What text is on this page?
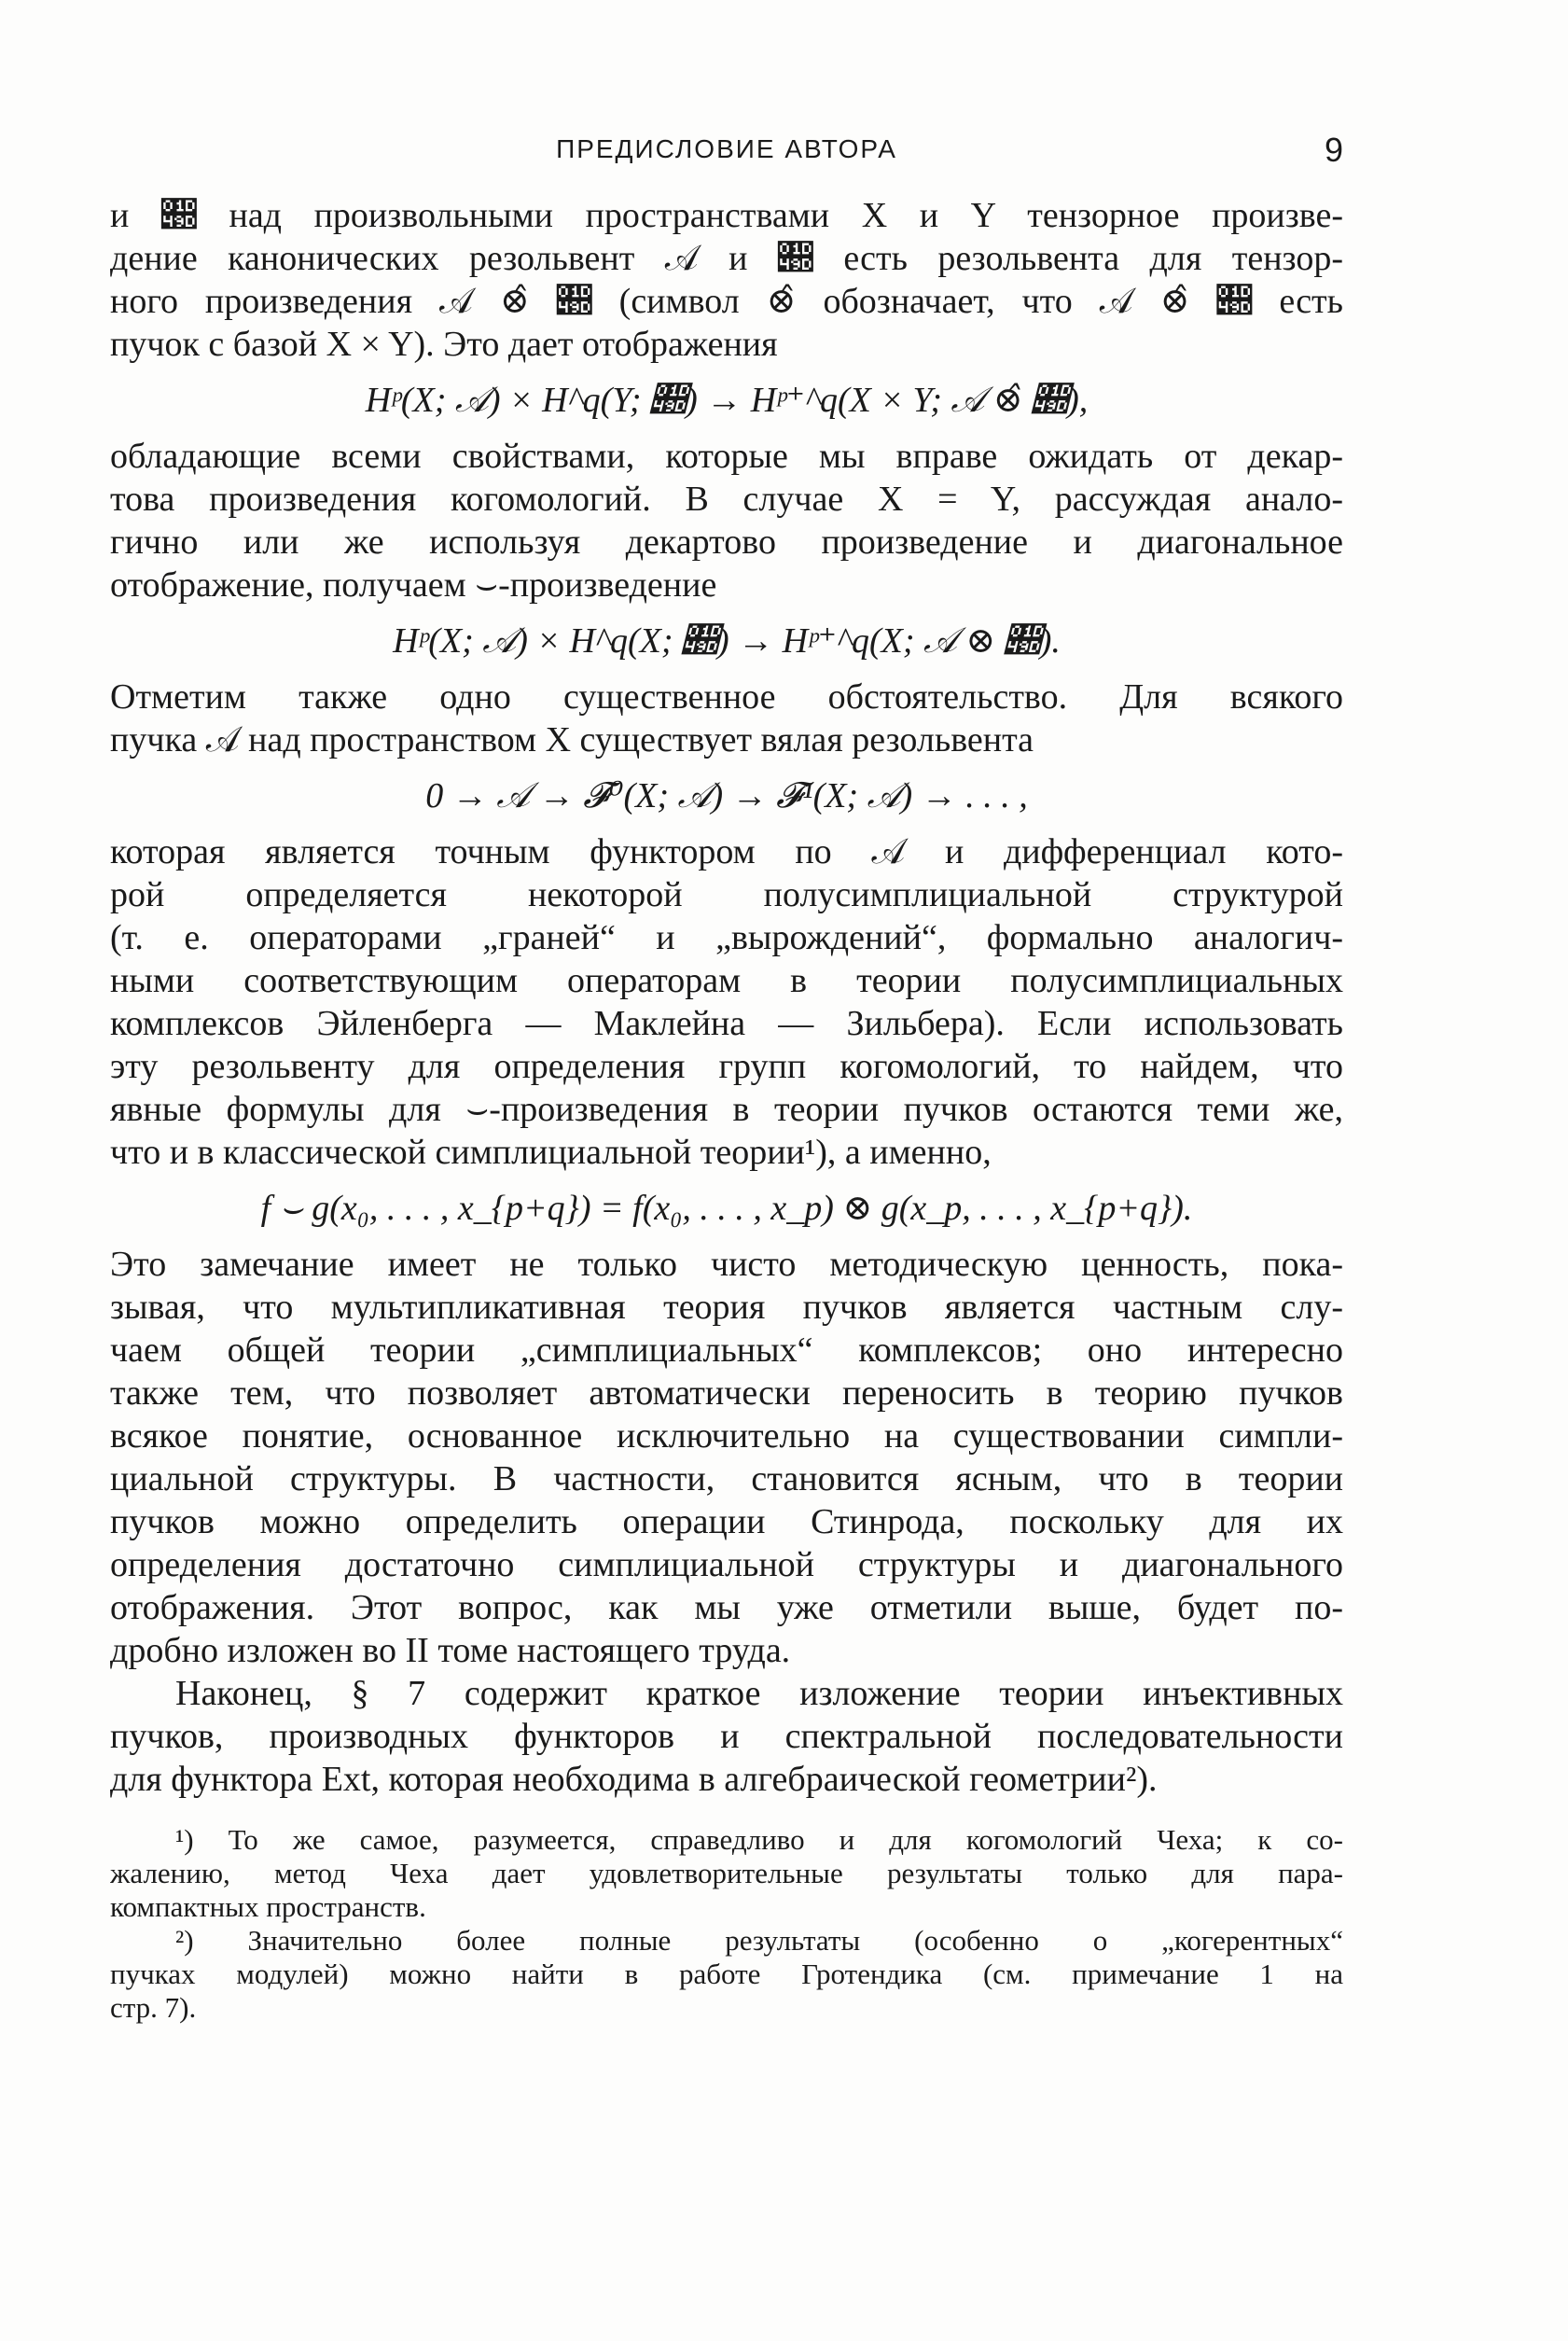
ПРЕДИСЛОВИЕ АВТОРА	9
и 𝒝 над произвольными пространствами X и Y тензорное произве-
дение канонических резольвент 𝒜 и 𝒝 есть резольвента для тензор-
ного произведения 𝒜 ⊗̂ 𝒝 (символ ⊗̂ обозначает, что 𝒜 ⊗̂ 𝒝 есть
пучок с базой X × Y). Это дает отображения
Hᵖ(X; 𝒜) × H^q(Y; 𝒝) → Hᵖ⁺^q(X × Y; 𝒜 ⊗̂ 𝒝),
обладающие всеми свойствами, которые мы вправе ожидать от декар-
това произведения когомологий. В случае X = Y, рассуждая анало-
гично или же используя декартово произведение и диагональное
отображение, получаем ⌣-произведение
Hᵖ(X; 𝒜) × H^q(X; 𝒝) → Hᵖ⁺^q(X; 𝒜 ⊗ 𝒝).
Отметим также одно существенное обстоятельство. Для всякого
пучка 𝒜 над пространством X существует вялая резольвента
0 → 𝒜 → 𝓕⁰(X; 𝒜) → 𝓕¹(X; 𝒜) → . . . ,
которая является точным функтором по 𝒜 и дифференциал кото-
рой определяется некоторой полусимплициальной структурой
(т. е. операторами „граней“ и „вырождений“, формально аналогич-
ными соответствующим операторам в теории полусимплициальных
комплексов Эйленберга — Маклейна — Зильбера). Если использовать
эту резольвенту для определения групп когомологий, то найдем, что
явные формулы для ⌣-произведения в теории пучков остаются теми же,
что и в классической симплициальной теории¹), а именно,
f ⌣ g(x₀, . . . , x_{p+q}) = f(x₀, . . . , x_p) ⊗ g(x_p, . . . , x_{p+q}).
Это замечание имеет не только чисто методическую ценность, пока-
зывая, что мультипликативная теория пучков является частным слу-
чаем общей теории „симплициальных“ комплексов; оно интересно
также тем, что позволяет автоматически переносить в теорию пучков
всякое понятие, основанное исключительно на существовании симпли-
циальной структуры. В частности, становится ясным, что в теории
пучков можно определить операции Стинрода, поскольку для их
определения достаточно симплициальной структуры и диагонального
отображения. Этот вопрос, как мы уже отметили выше, будет по-
дробно изложен во II томе настоящего труда.
Наконец, § 7 содержит краткое изложение теории инъективных
пучков, производных функторов и спектральной последовательности
для функтора Ext, которая необходима в алгебраической геометрии²).
¹) То же самое, разумеется, справедливо и для когомологий Чеха; к со-
жалению, метод Чеха дает удовлетворительные результаты только для пара-
компактных пространств.
²) Значительно более полные результаты (особенно о „когерентных“
пучках модулей) можно найти в работе Гротендика (см. примечание 1 на
стр. 7).
